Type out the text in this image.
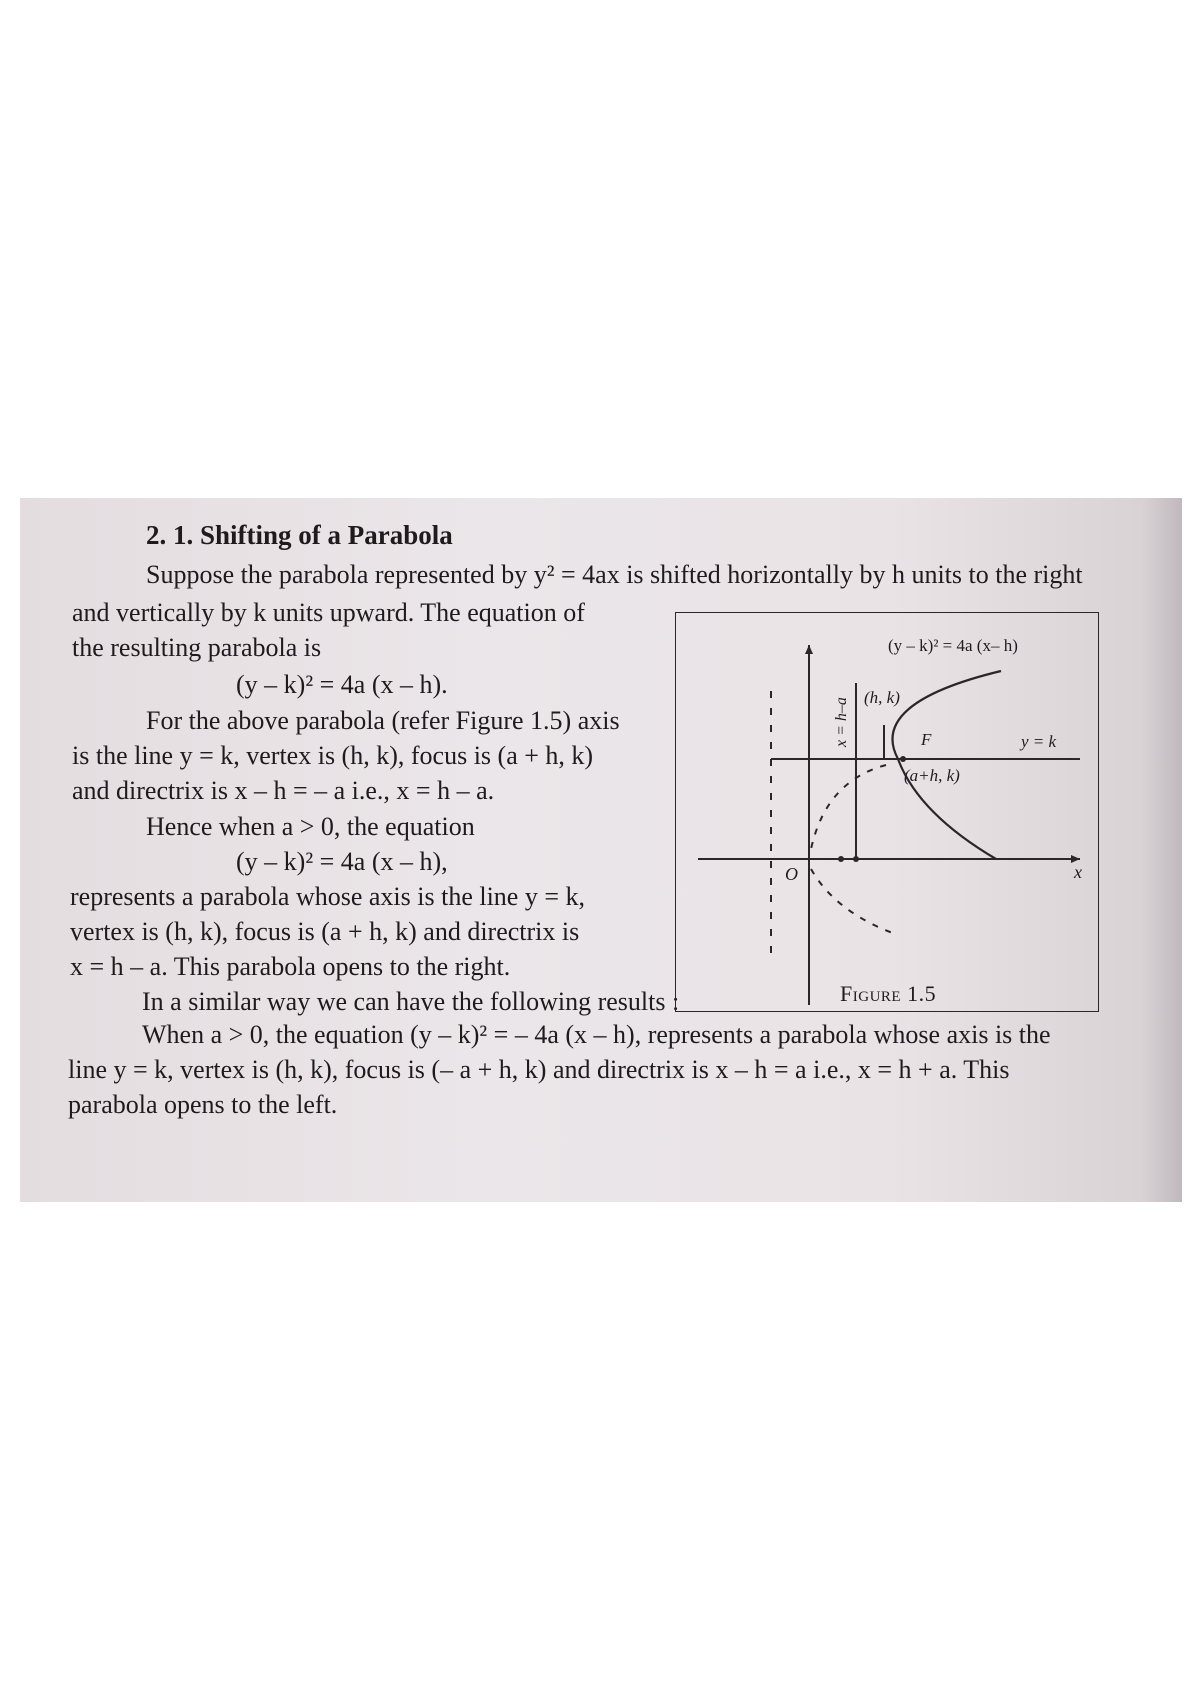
2. 1. Shifting of a Parabola
Suppose the parabola represented by y² = 4ax is shifted horizontally by h units to the right
and vertically by k units upward. The equation of
the resulting parabola is
(y – k)² = 4a (x – h).
For the above parabola (refer Figure 1.5) axis
is the line y = k, vertex is (h, k), focus is (a + h, k)
and directrix is x – h = – a i.e., x = h – a.
Hence when a > 0, the equation
(y – k)² = 4a (x – h),
represents a parabola whose axis is the line y = k,
vertex is (h, k), focus is (a + h, k) and directrix is
x = h – a. This parabola opens to the right.
In a similar way we can have the following results :
When a > 0, the equation (y – k)² = – 4a (x – h), represents a parabola whose axis is the
line y = k, vertex is (h, k), focus is (– a + h, k) and directrix is x – h = a i.e., x = h + a. This
parabola opens to the left.
(y – k)² = 4a (x– h)
(h, k)
F
(a+h, k)
y = k
x = h–a
O	x
Figure 1.5
